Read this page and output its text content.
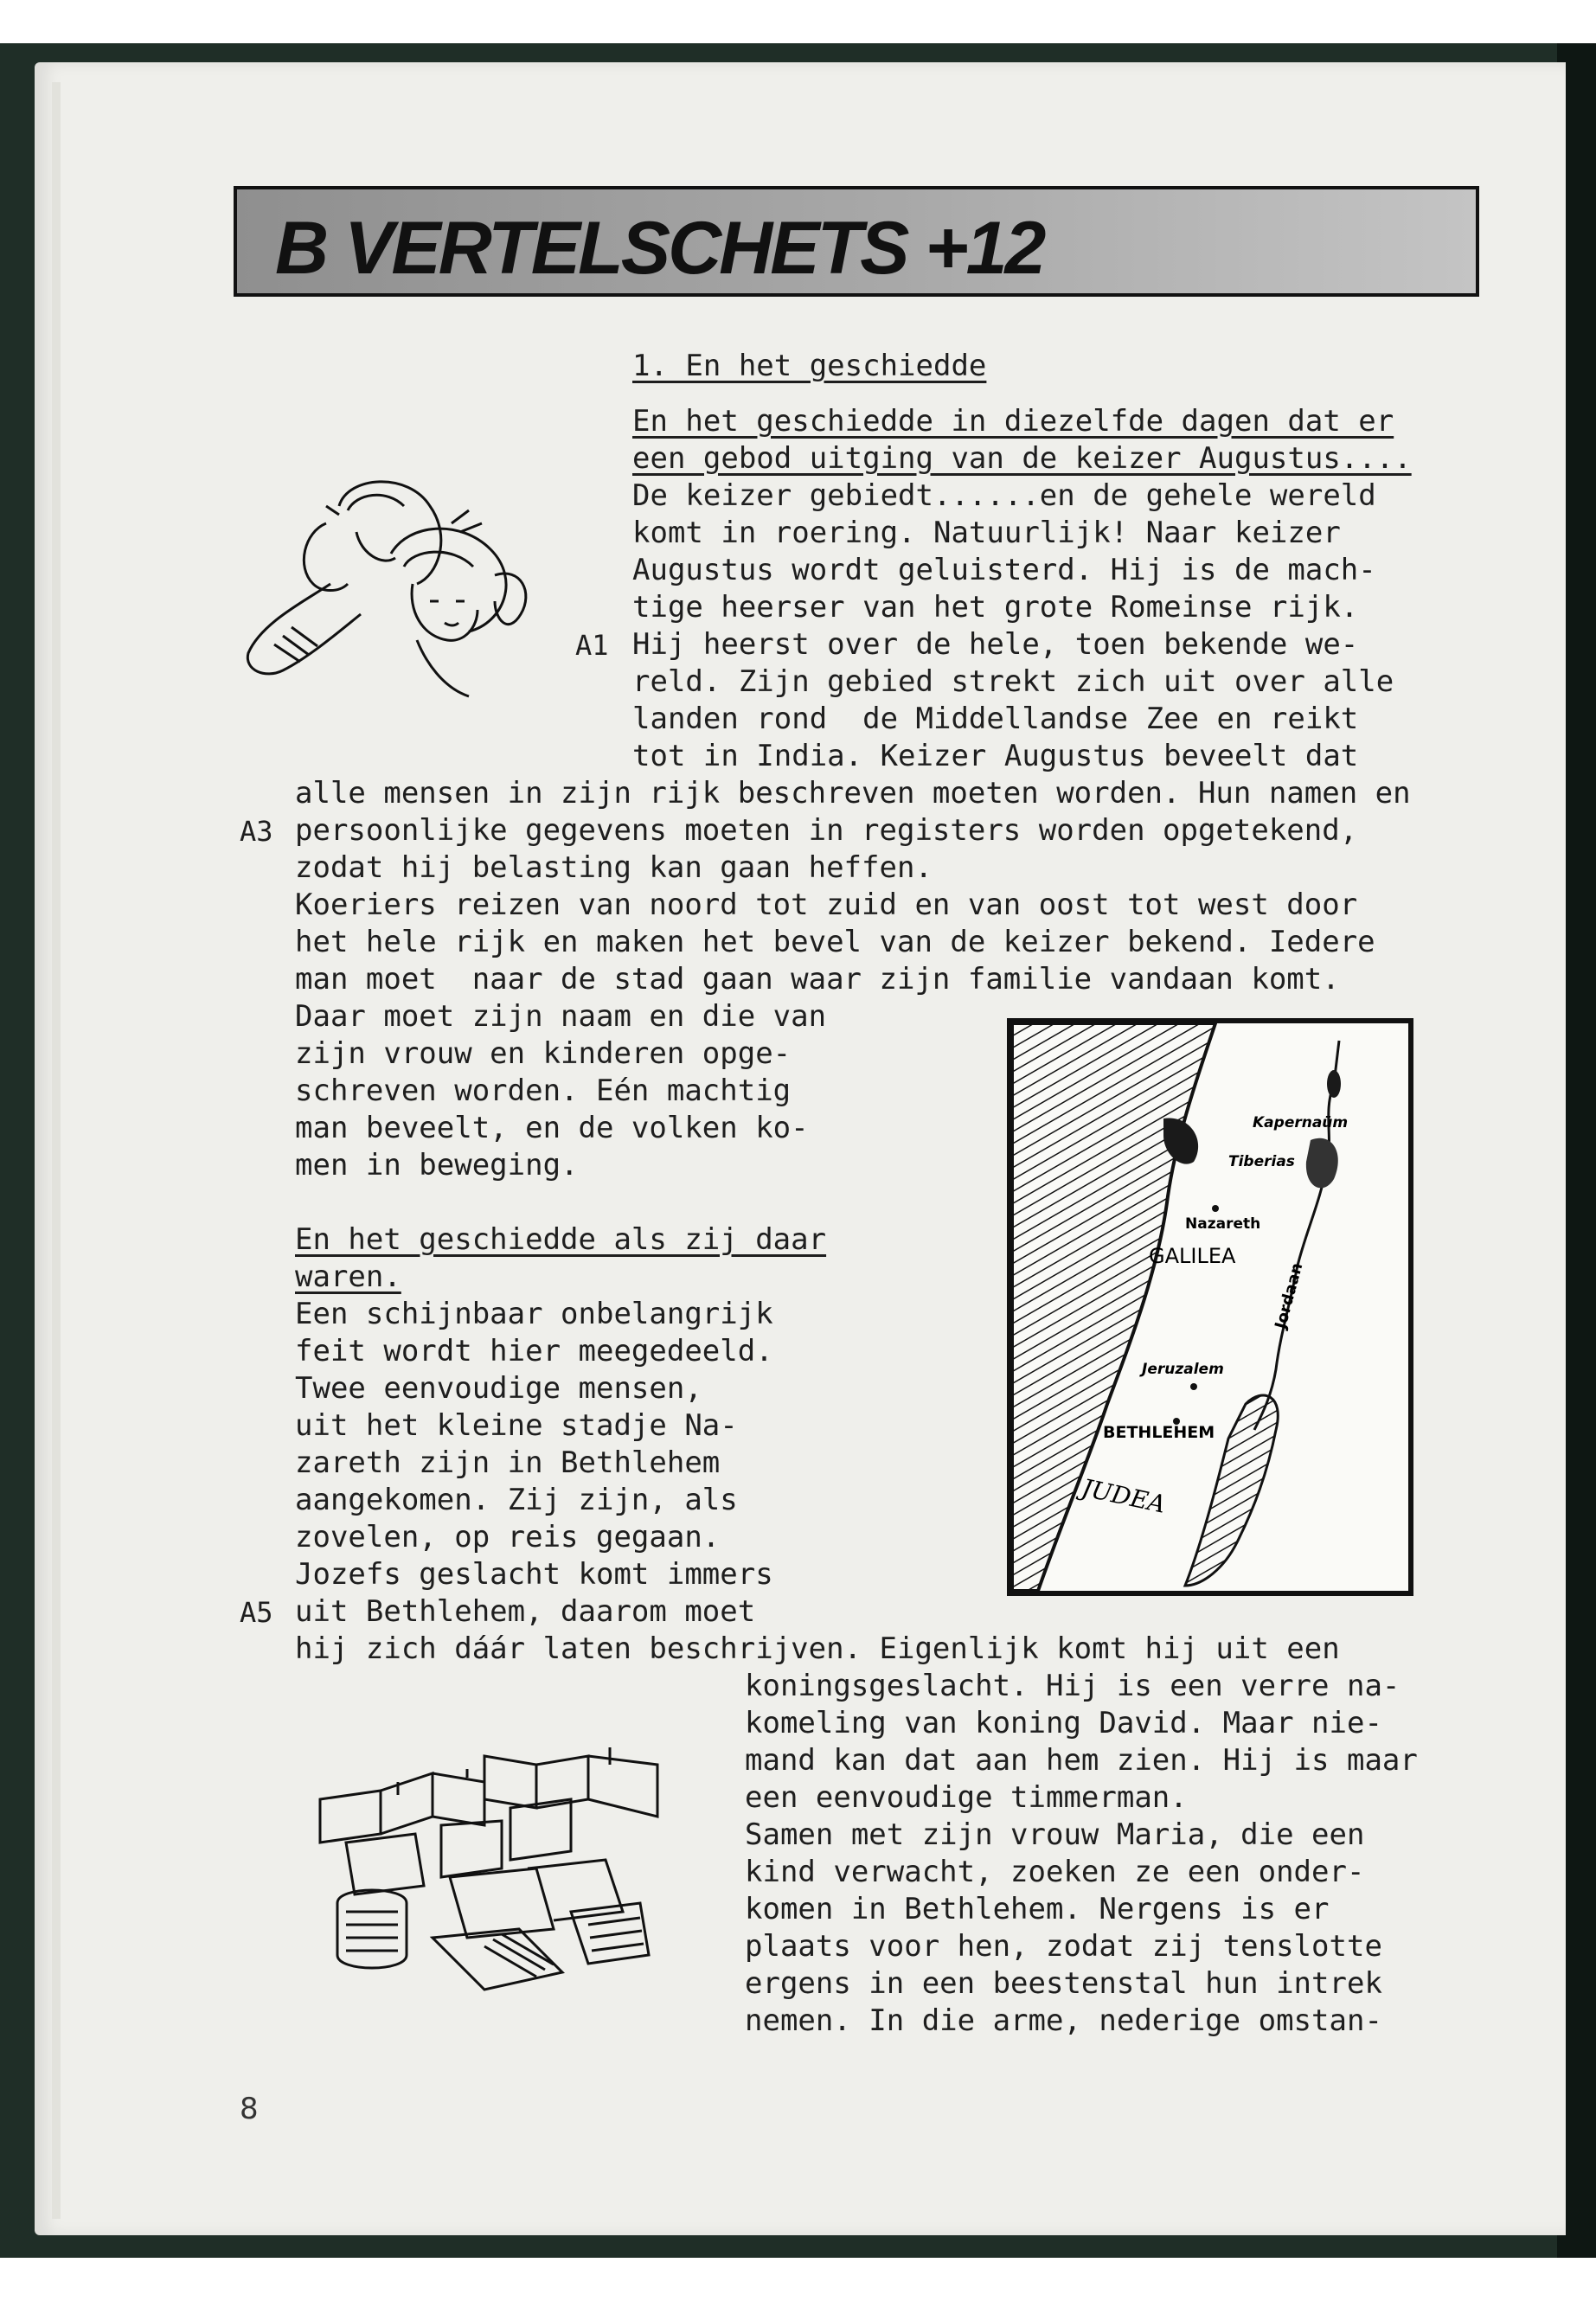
B VERTELSCHETS +12
1. En het geschiedde
En het geschiedde in diezelfde dagen dat er
een gebod uitging van de keizer Augustus....
De keizer gebiedt......en de gehele wereld
komt in roering. Natuurlijk! Naar keizer
Augustus wordt geluisterd. Hij is de mach-
tige heerser van het grote Romeinse rijk.
A1 Hij heerst over de hele, toen bekende we-
reld. Zijn gebied strekt zich uit over alle
landen rond  de Middellandse Zee en reikt
tot in India. Keizer Augustus beveelt dat
alle mensen in zijn rijk beschreven moeten worden. Hun namen en
A3 persoonlijke gegevens moeten in registers worden opgetekend,
zodat hij belasting kan gaan heffen.
Koeriers reizen van noord tot zuid en van oost tot west door
het hele rijk en maken het bevel van de keizer bekend. Iedere
man moet  naar de stad gaan waar zijn familie vandaan komt.
Daar moet zijn naam en die van
zijn vrouw en kinderen opge-
schreven worden. Eén machtig
man beveelt, en de volken ko-
men in beweging.
Kapernaüm
Tiberias
Nazareth
GALILEA
Jordaan
Jeruzalem
BETHLEHEM
JUDEA
En het geschiedde als zij daar
waren.
Een schijnbaar onbelangrijk
feit wordt hier meegedeeld.
Twee eenvoudige mensen,
uit het kleine stadje Na-
zareth zijn in Bethlehem
aangekomen. Zij zijn, als
zovelen, op reis gegaan.
Jozefs geslacht komt immers
A5 uit Bethlehem, daarom moet
hij zich dáár laten beschrijven. Eigenlijk komt hij uit een
koningsgeslacht. Hij is een verre na-
komeling van koning David. Maar nie-
mand kan dat aan hem zien. Hij is maar
een eenvoudige timmerman.
Samen met zijn vrouw Maria, die een
kind verwacht, zoeken ze een onder-
komen in Bethlehem. Nergens is er
plaats voor hen, zodat zij tenslotte
ergens in een beestenstal hun intrek
nemen. In die arme, nederige omstan-
8
